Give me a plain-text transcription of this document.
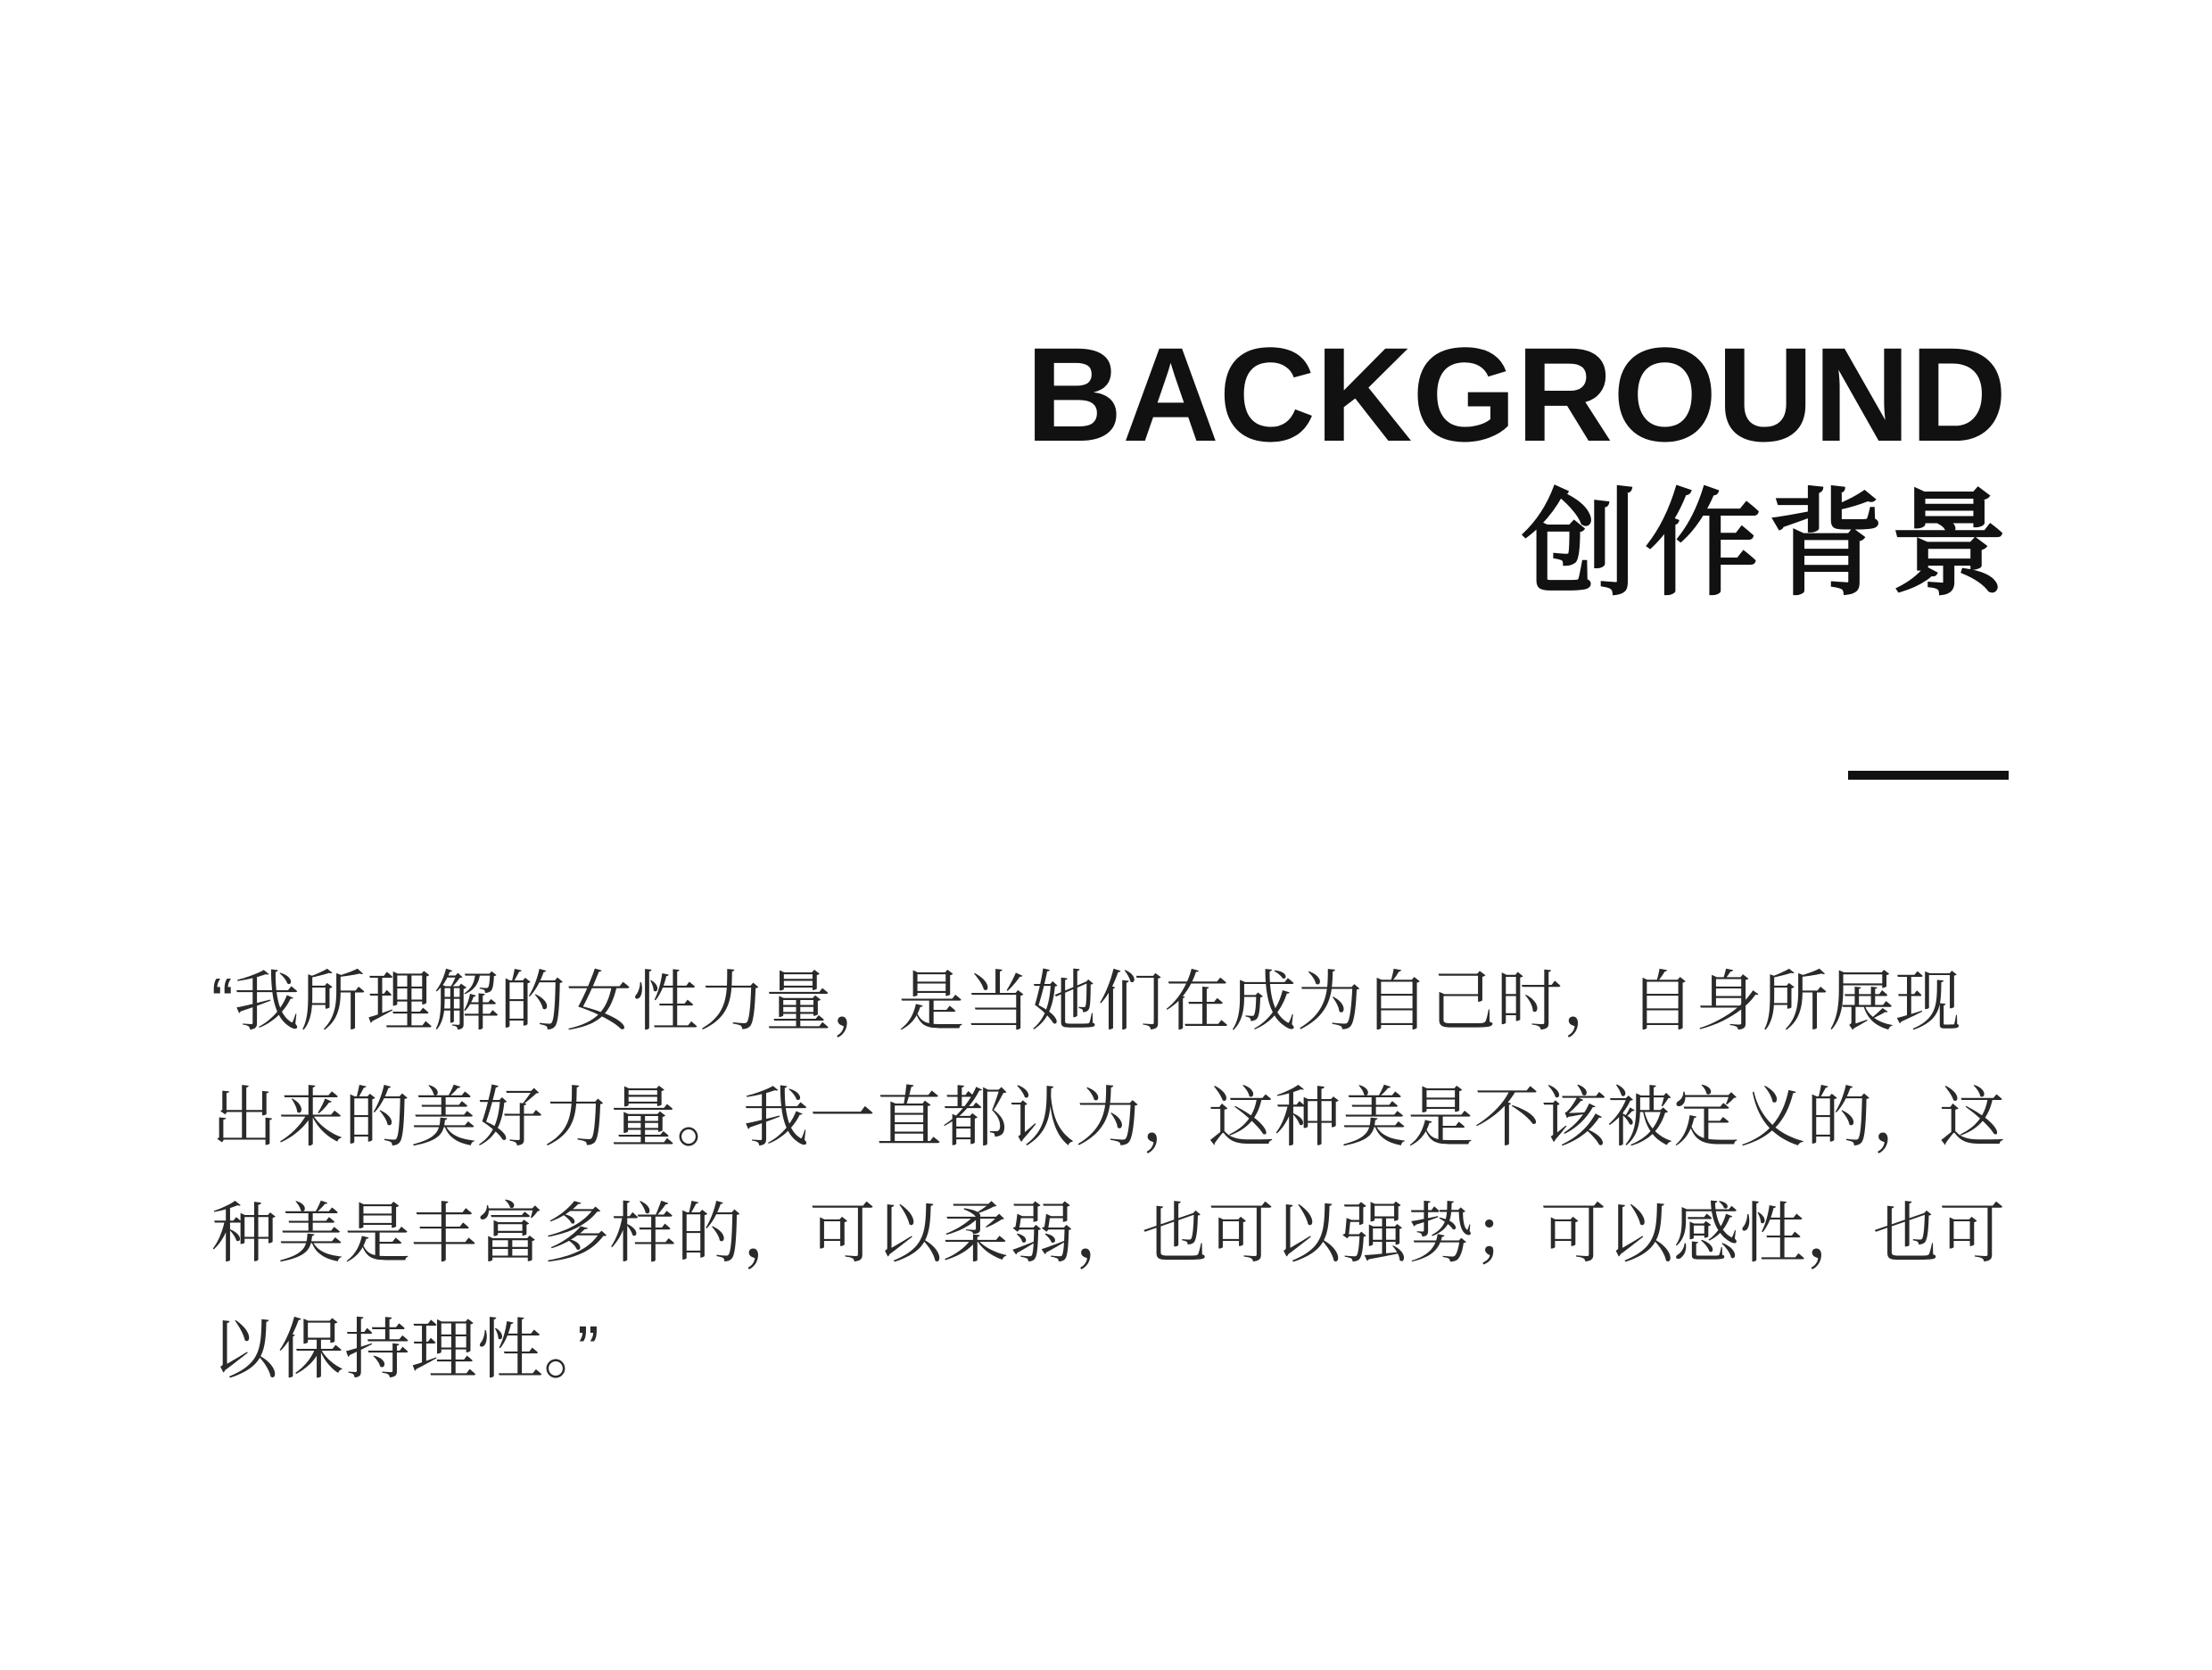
BACKGROUND
创作背景
“我所理解的女性力量，是当她们在成为自己时，自身所展现
出来的美好力量。我一直都认为，这种美是不该被定义的，这
种美是丰富多样的，可以柔弱，也可以强势；可以感性，也可
以保持理性。”
